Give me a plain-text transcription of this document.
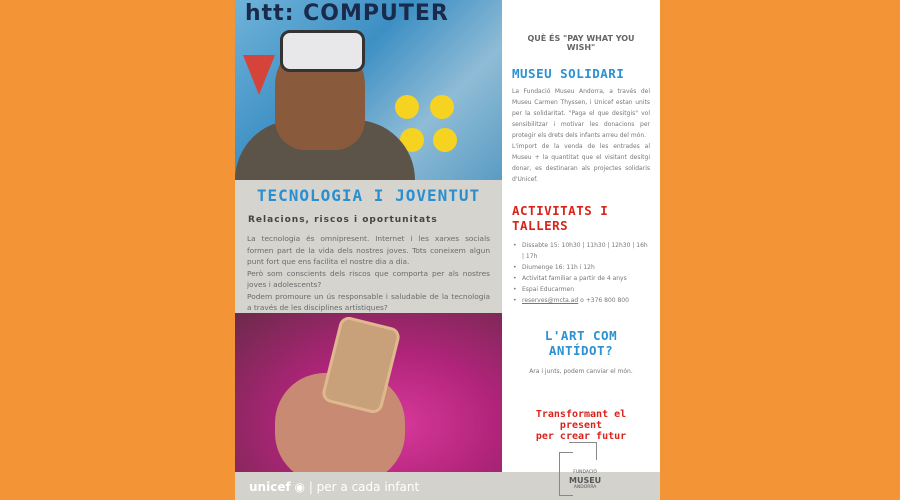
htt: COMPUTER
TECNOLOGIA I JOVENTUT
Relacions, riscos i oportunitats

La tecnologia és omnipresent. Internet i les xarxes socials formen part de la vida dels nostres joves. Tots coneixem algun punt fort que ens facilita el nostre dia a dia.

Però som conscients dels riscos que comporta per als nostres joves i adolescents?

Podem promoure un ús responsable i saludable de la tecnologia a través de les disciplines artístiques?

QUÈ ÉS "PAY WHAT YOU WISH"
MUSEU SOLIDARI

La Fundació Museu Andorra, a través del Museu Carmen Thyssen, i Unicef estan units per la solidaritat. "Paga el que desitgis" vol sensibilitzar i motivar les donacions per protegir els drets dels infants arreu del món.

L'import de la venda de les entrades al Museu + la quantitat que el visitant desitgi donar, es destinaran als projectes solidaris d'Unicef.

ACTIVITATS I TALLERS
• Dissabte 15: 10h30 | 11h30 | 12h30 | 16h | 17h
• Diumenge 16: 11h i 12h
• Activitat familiar a partir de 4 anys
• Espai Educarmen
• reserves@mcta.ad o +376 800 800
L'ART COM ANTÍDOT?

Ara i junts, podem canviar el món.

Transformant el present
per crear futur
unicef ◉ | per a cada infant
FUNDACIÓ
MUSEU
ANDORRA
